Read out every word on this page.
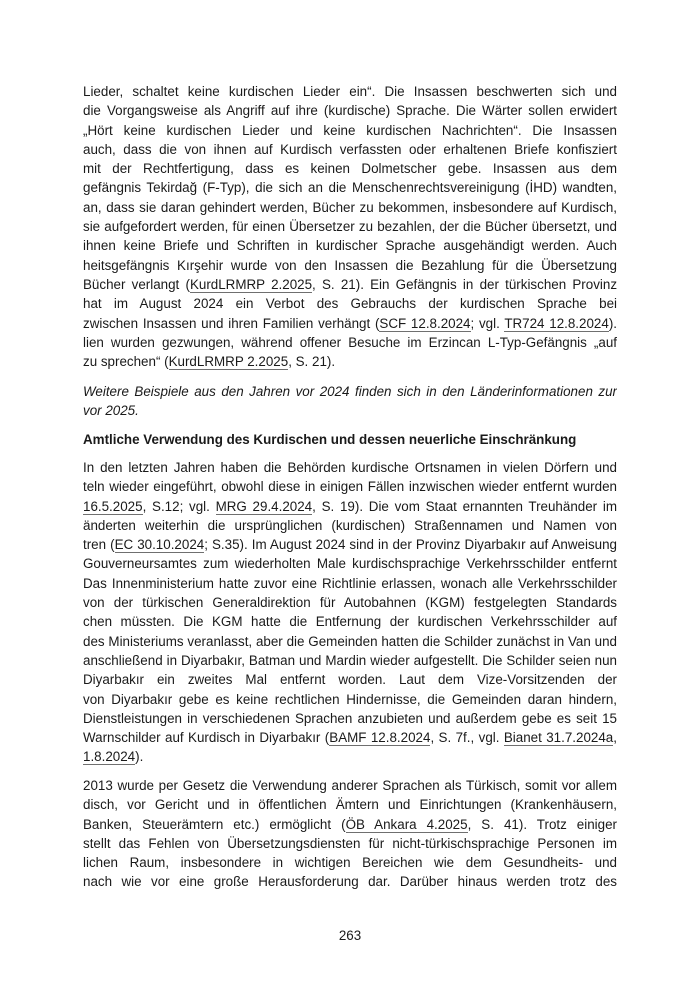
Lieder, schaltet keine kurdischen Lieder ein“. Die Insassen beschwerten sich und
die Vorgangsweise als Angriff auf ihre (kurdische) Sprache. Die Wärter sollen erwidert
„Hört keine kurdischen Lieder und keine kurdischen Nachrichten“. Die Insassen
auch, dass die von ihnen auf Kurdisch verfassten oder erhaltenen Briefe konfisziert
mit der Rechtfertigung, dass es keinen Dolmetscher gebe. Insassen aus dem
gefängnis Tekirdağ (F-Typ), die sich an die Menschenrechtsvereinigung (İHD) wandten,
an, dass sie daran gehindert werden, Bücher zu bekommen, insbesondere auf Kurdisch,
sie aufgefordert werden, für einen Übersetzer zu bezahlen, der die Bücher übersetzt, und
ihnen keine Briefe und Schriften in kurdischer Sprache ausgehändigt werden. Auch
heitsgefängnis Kırşehir wurde von den Insassen die Bezahlung für die Übersetzung
Bücher verlangt (KurdLRMRP 2.2025, S. 21). Ein Gefängnis in der türkischen Provinz
hat im August 2024 ein Verbot des Gebrauchs der kurdischen Sprache bei
zwischen Insassen und ihren Familien verhängt (SCF 12.8.2024; vgl. TR724 12.8.2024).
lien wurden gezwungen, während offener Besuche im Erzincan L-Typ-Gefängnis „auf
zu sprechen“ (KurdLRMRP 2.2025, S. 21).
Weitere Beispiele aus den Jahren vor 2024 finden sich in den Länderinformationen zur
vor 2025.
Amtliche Verwendung des Kurdischen und dessen neuerliche Einschränkung
In den letzten Jahren haben die Behörden kurdische Ortsnamen in vielen Dörfern und
teln wieder eingeführt, obwohl diese in einigen Fällen inzwischen wieder entfernt wurden
16.5.2025, S.12; vgl. MRG 29.4.2024, S. 19). Die vom Staat ernannten Treuhänder im
änderten weiterhin die ursprünglichen (kurdischen) Straßennamen und Namen von
tren (EC 30.10.2024; S.35). Im August 2024 sind in der Provinz Diyarbakır auf Anweisung
Gouverneursamtes zum wiederholten Male kurdischsprachige Verkehrsschilder entfernt
Das Innenministerium hatte zuvor eine Richtlinie erlassen, wonach alle Verkehrsschilder
von der türkischen Generaldirektion für Autobahnen (KGM) festgelegten Standards
chen müssten. Die KGM hatte die Entfernung der kurdischen Verkehrsschilder auf
des Ministeriums veranlasst, aber die Gemeinden hatten die Schilder zunächst in Van und
anschließend in Diyarbakır, Batman und Mardin wieder aufgestellt. Die Schilder seien nun
Diyarbakır ein zweites Mal entfernt worden. Laut dem Vize-Vorsitzenden der
von Diyarbakır gebe es keine rechtlichen Hindernisse, die Gemeinden daran hindern,
Dienstleistungen in verschiedenen Sprachen anzubieten und außerdem gebe es seit 15
Warnschilder auf Kurdisch in Diyarbakır (BAMF 12.8.2024, S. 7f., vgl. Bianet 31.7.2024a,
1.8.2024).
2013 wurde per Gesetz die Verwendung anderer Sprachen als Türkisch, somit vor allem
disch, vor Gericht und in öffentlichen Ämtern und Einrichtungen (Krankenhäusern,
Banken, Steuerämtern etc.) ermöglicht (ÖB Ankara 4.2025, S. 41). Trotz einiger
stellt das Fehlen von Übersetzungsdiensten für nicht-türkischsprachige Personen im
lichen Raum, insbesondere in wichtigen Bereichen wie dem Gesundheits- und
nach wie vor eine große Herausforderung dar. Darüber hinaus werden trotz des
263
